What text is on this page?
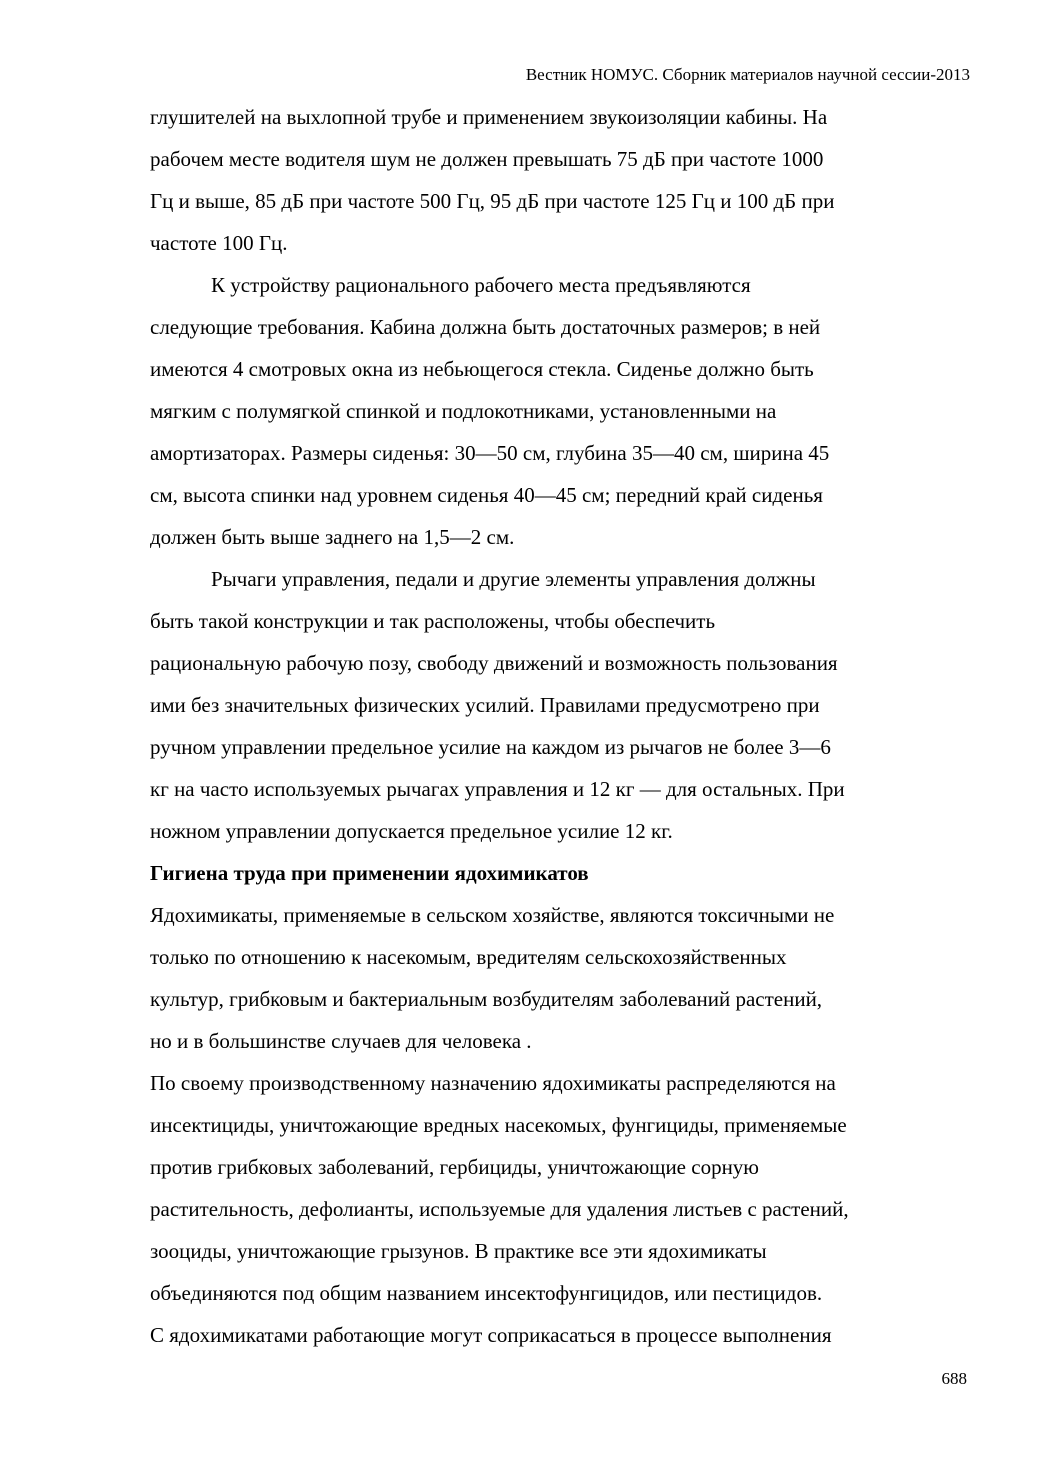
Вестник НОМУС. Сборник материалов научной сессии-2013
глушителей на выхлопной трубе и применением звукоизоляции кабины. На
рабочем месте водителя шум не должен превышать 75 дБ при частоте 1000
Гц и выше, 85 дБ при частоте 500 Гц, 95 дБ при частоте 125 Гц и 100 дБ при
частоте 100 Гц.
К устройству рационального рабочего места предъявляются
следующие требования. Кабина должна быть достаточных размеров; в ней
имеются 4 смотровых окна из небьющегося стекла. Сиденье должно быть
мягким с полумягкой спинкой и подлокотниками, установленными на
амортизаторах. Размеры сиденья: 30—50 см, глубина 35—40 см, ширина 45
см, высота спинки над уровнем сиденья 40—45 см; передний край сиденья
должен быть выше заднего на 1,5—2 см.
Рычаги управления, педали и другие элементы управления должны
быть такой конструкции и так расположены, чтобы обеспечить
рациональную рабочую позу, свободу движений и возможность пользования
ими без значительных физических усилий. Правилами предусмотрено при
ручном управлении предельное усилие на каждом из рычагов не более 3—6
кг на часто используемых рычагах управления и 12 кг — для остальных. При
ножном управлении допускается предельное усилие 12 кг.
Гигиена труда при применении ядохимикатов
Ядохимикаты, применяемые в сельском хозяйстве, являются токсичными не
только по отношению к насекомым, вредителям сельскохозяйственных
культур, грибковым и бактериальным возбудителям заболеваний растений,
но и в большинстве случаев для человека .
По своему производственному назначению ядохимикаты распределяются на
инсектициды, уничтожающие вредных насекомых, фунгициды, применяемые
против грибковых заболеваний, гербициды, уничтожающие сорную
растительность, дефолианты, используемые для удаления листьев с растений,
зооциды, уничтожающие грызунов. В практике все эти ядохимикаты
объединяются под общим названием инсектофунгицидов, или пестицидов.
С ядохимикатами работающие могут соприкасаться в процессе выполнения
688
